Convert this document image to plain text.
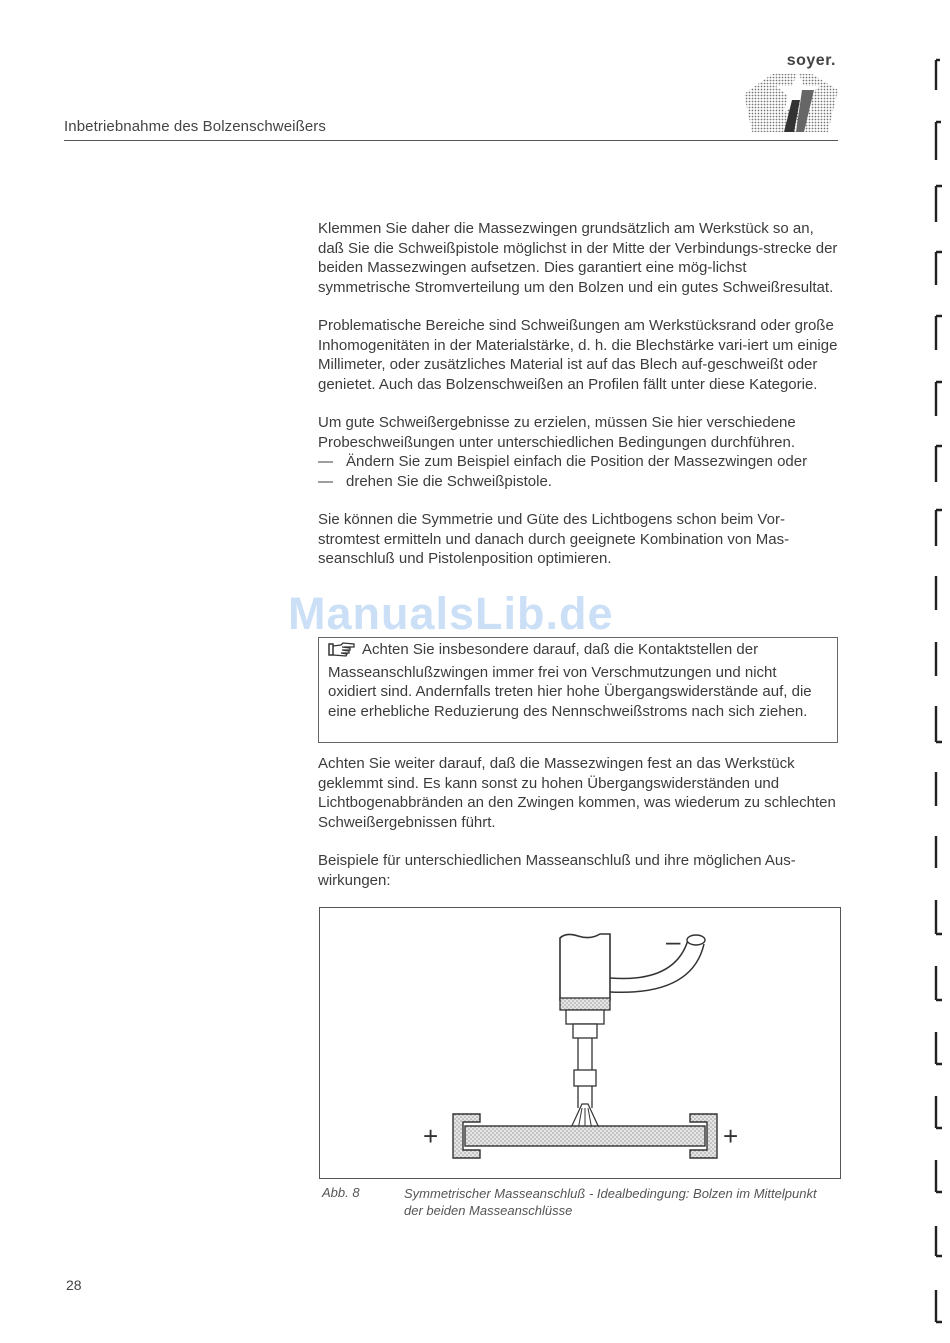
Inbetriebnahme des Bolzenschweißers
soyer.

Klemmen Sie daher die Massezwingen grundsätzlich am Werkstück so an, daß Sie die Schweißpistole möglichst in der Mitte der Verbindungs-strecke der beiden Massezwingen aufsetzen. Dies garantiert eine mög-lichst symmetrische Stromverteilung um den Bolzen und ein gutes Schweißresultat.

Problematische Bereiche sind Schweißungen am Werkstücksrand oder große Inhomogenitäten in der Materialstärke, d. h. die Blechstärke vari-iert um einige Millimeter, oder zusätzliches Material ist auf das Blech auf-geschweißt oder genietet. Auch das Bolzenschweißen an Profilen fällt unter diese Kategorie.

Um gute Schweißergebnisse zu erzielen, müssen Sie hier verschiedene Probeschweißungen unter unterschiedlichen Bedingungen durchführen.
— Ändern Sie zum Beispiel einfach die Position der Massezwingen oder
— drehen Sie die Schweißpistole.

Sie können die Symmetrie und Güte des Lichtbogens schon beim Vor-stromtest ermitteln und danach durch geeignete Kombination von Mas-seanschluß und Pistolenposition optimieren.

ManualsLib.de
Achten Sie insbesondere darauf, daß die Kontaktstellen der Masseanschlußzwingen immer frei von Verschmutzungen und nicht oxidiert sind. Andernfalls treten hier hohe Übergangswiderstände auf, die eine erhebliche Reduzierung des Nennschweißstroms nach sich ziehen.

Achten Sie weiter darauf, daß die Massezwingen fest an das Werkstück geklemmt sind. Es kann sonst zu hohen Übergangswiderständen und Lichtbogenabbränden an den Zwingen kommen, was wiederum zu schlechten Schweißergebnissen führt.

Beispiele für unterschiedlichen Masseanschluß und ihre möglichen Aus-wirkungen:

–
+	+
Abb. 8	Symmetrischer Masseanschluß - Idealbedingung: Bolzen im Mittelpunkt der beiden Masseanschlüsse
28
